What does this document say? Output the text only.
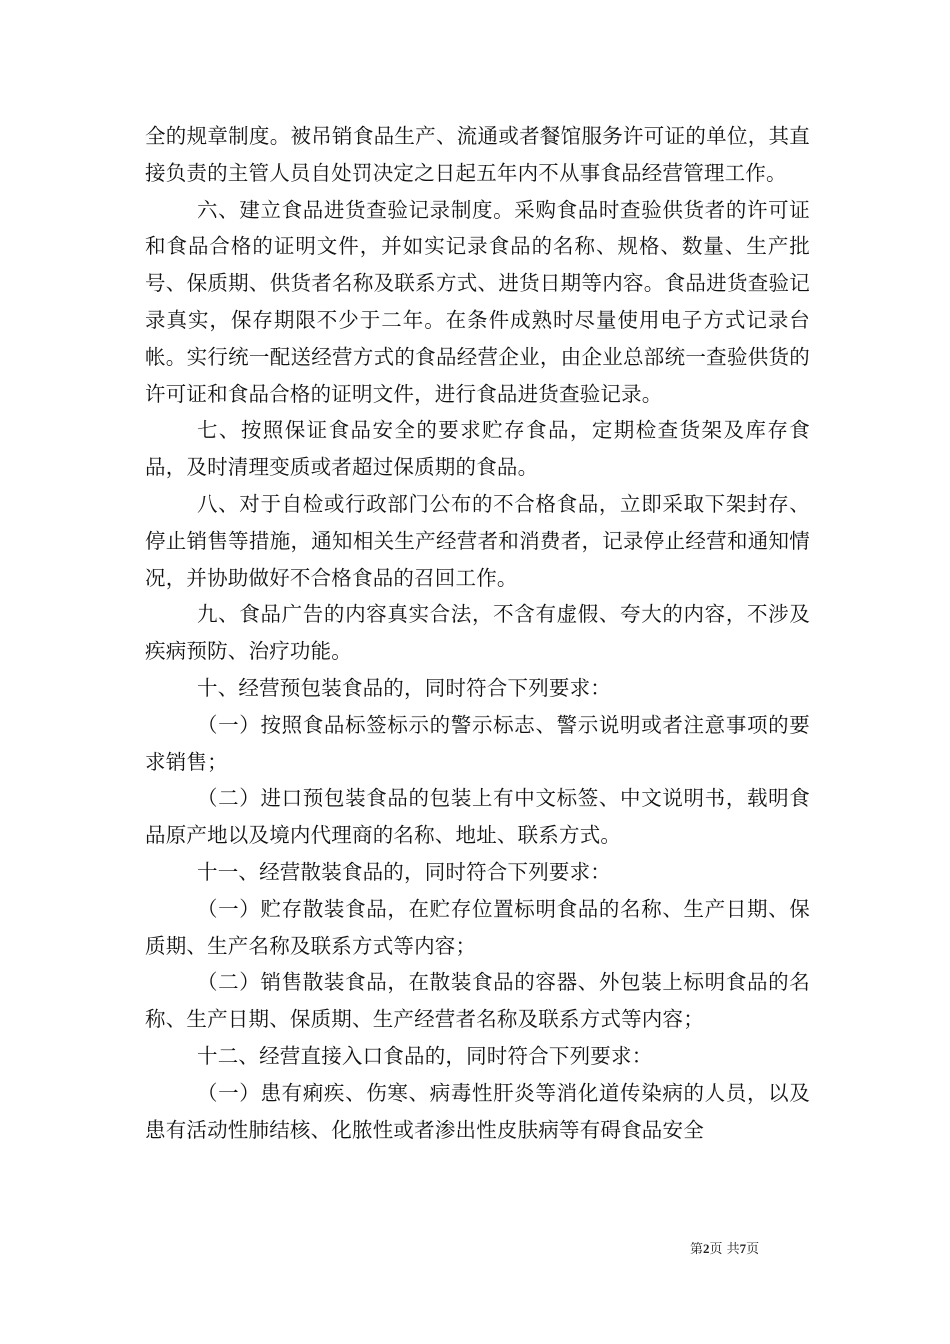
全的规章制度。被吊销食品生产、流通或者餐馆服务许可证的单位，其直接负责的主管人员自处罚决定之日起五年内不从事食品经营管理工作。

六、建立食品进货查验记录制度。采购食品时查验供货者的许可证和食品合格的证明文件，并如实记录食品的名称、规格、数量、生产批号、保质期、供货者名称及联系方式、进货日期等内容。食品进货查验记录真实，保存期限不少于二年。在条件成熟时尽量使用电子方式记录台帐。实行统一配送经营方式的食品经营企业，由企业总部统一查验供货的许可证和食品合格的证明文件，进行食品进货查验记录。

七、按照保证食品安全的要求贮存食品，定期检查货架及库存食品，及时清理变质或者超过保质期的食品。

八、对于自检或行政部门公布的不合格食品，立即采取下架封存、停止销售等措施，通知相关生产经营者和消费者，记录停止经营和通知情况，并协助做好不合格食品的召回工作。

九、食品广告的内容真实合法，不含有虚假、夸大的内容，不涉及疾病预防、治疗功能。

十、经营预包装食品的，同时符合下列要求：

（一）按照食品标签标示的警示标志、警示说明或者注意事项的要求销售；

（二）进口预包装食品的包装上有中文标签、中文说明书，载明食品原产地以及境内代理商的名称、地址、联系方式。

十一、经营散装食品的，同时符合下列要求：

（一）贮存散装食品，在贮存位置标明食品的名称、生产日期、保质期、生产名称及联系方式等内容；

（二）销售散装食品，在散装食品的容器、外包装上标明食品的名称、生产日期、保质期、生产经营者名称及联系方式等内容；

十二、经营直接入口食品的，同时符合下列要求：

（一）患有痢疾、伤寒、病毒性肝炎等消化道传染病的人员，以及患有活动性肺结核、化脓性或者渗出性皮肤病等有碍食品安全

第2页 共7页
